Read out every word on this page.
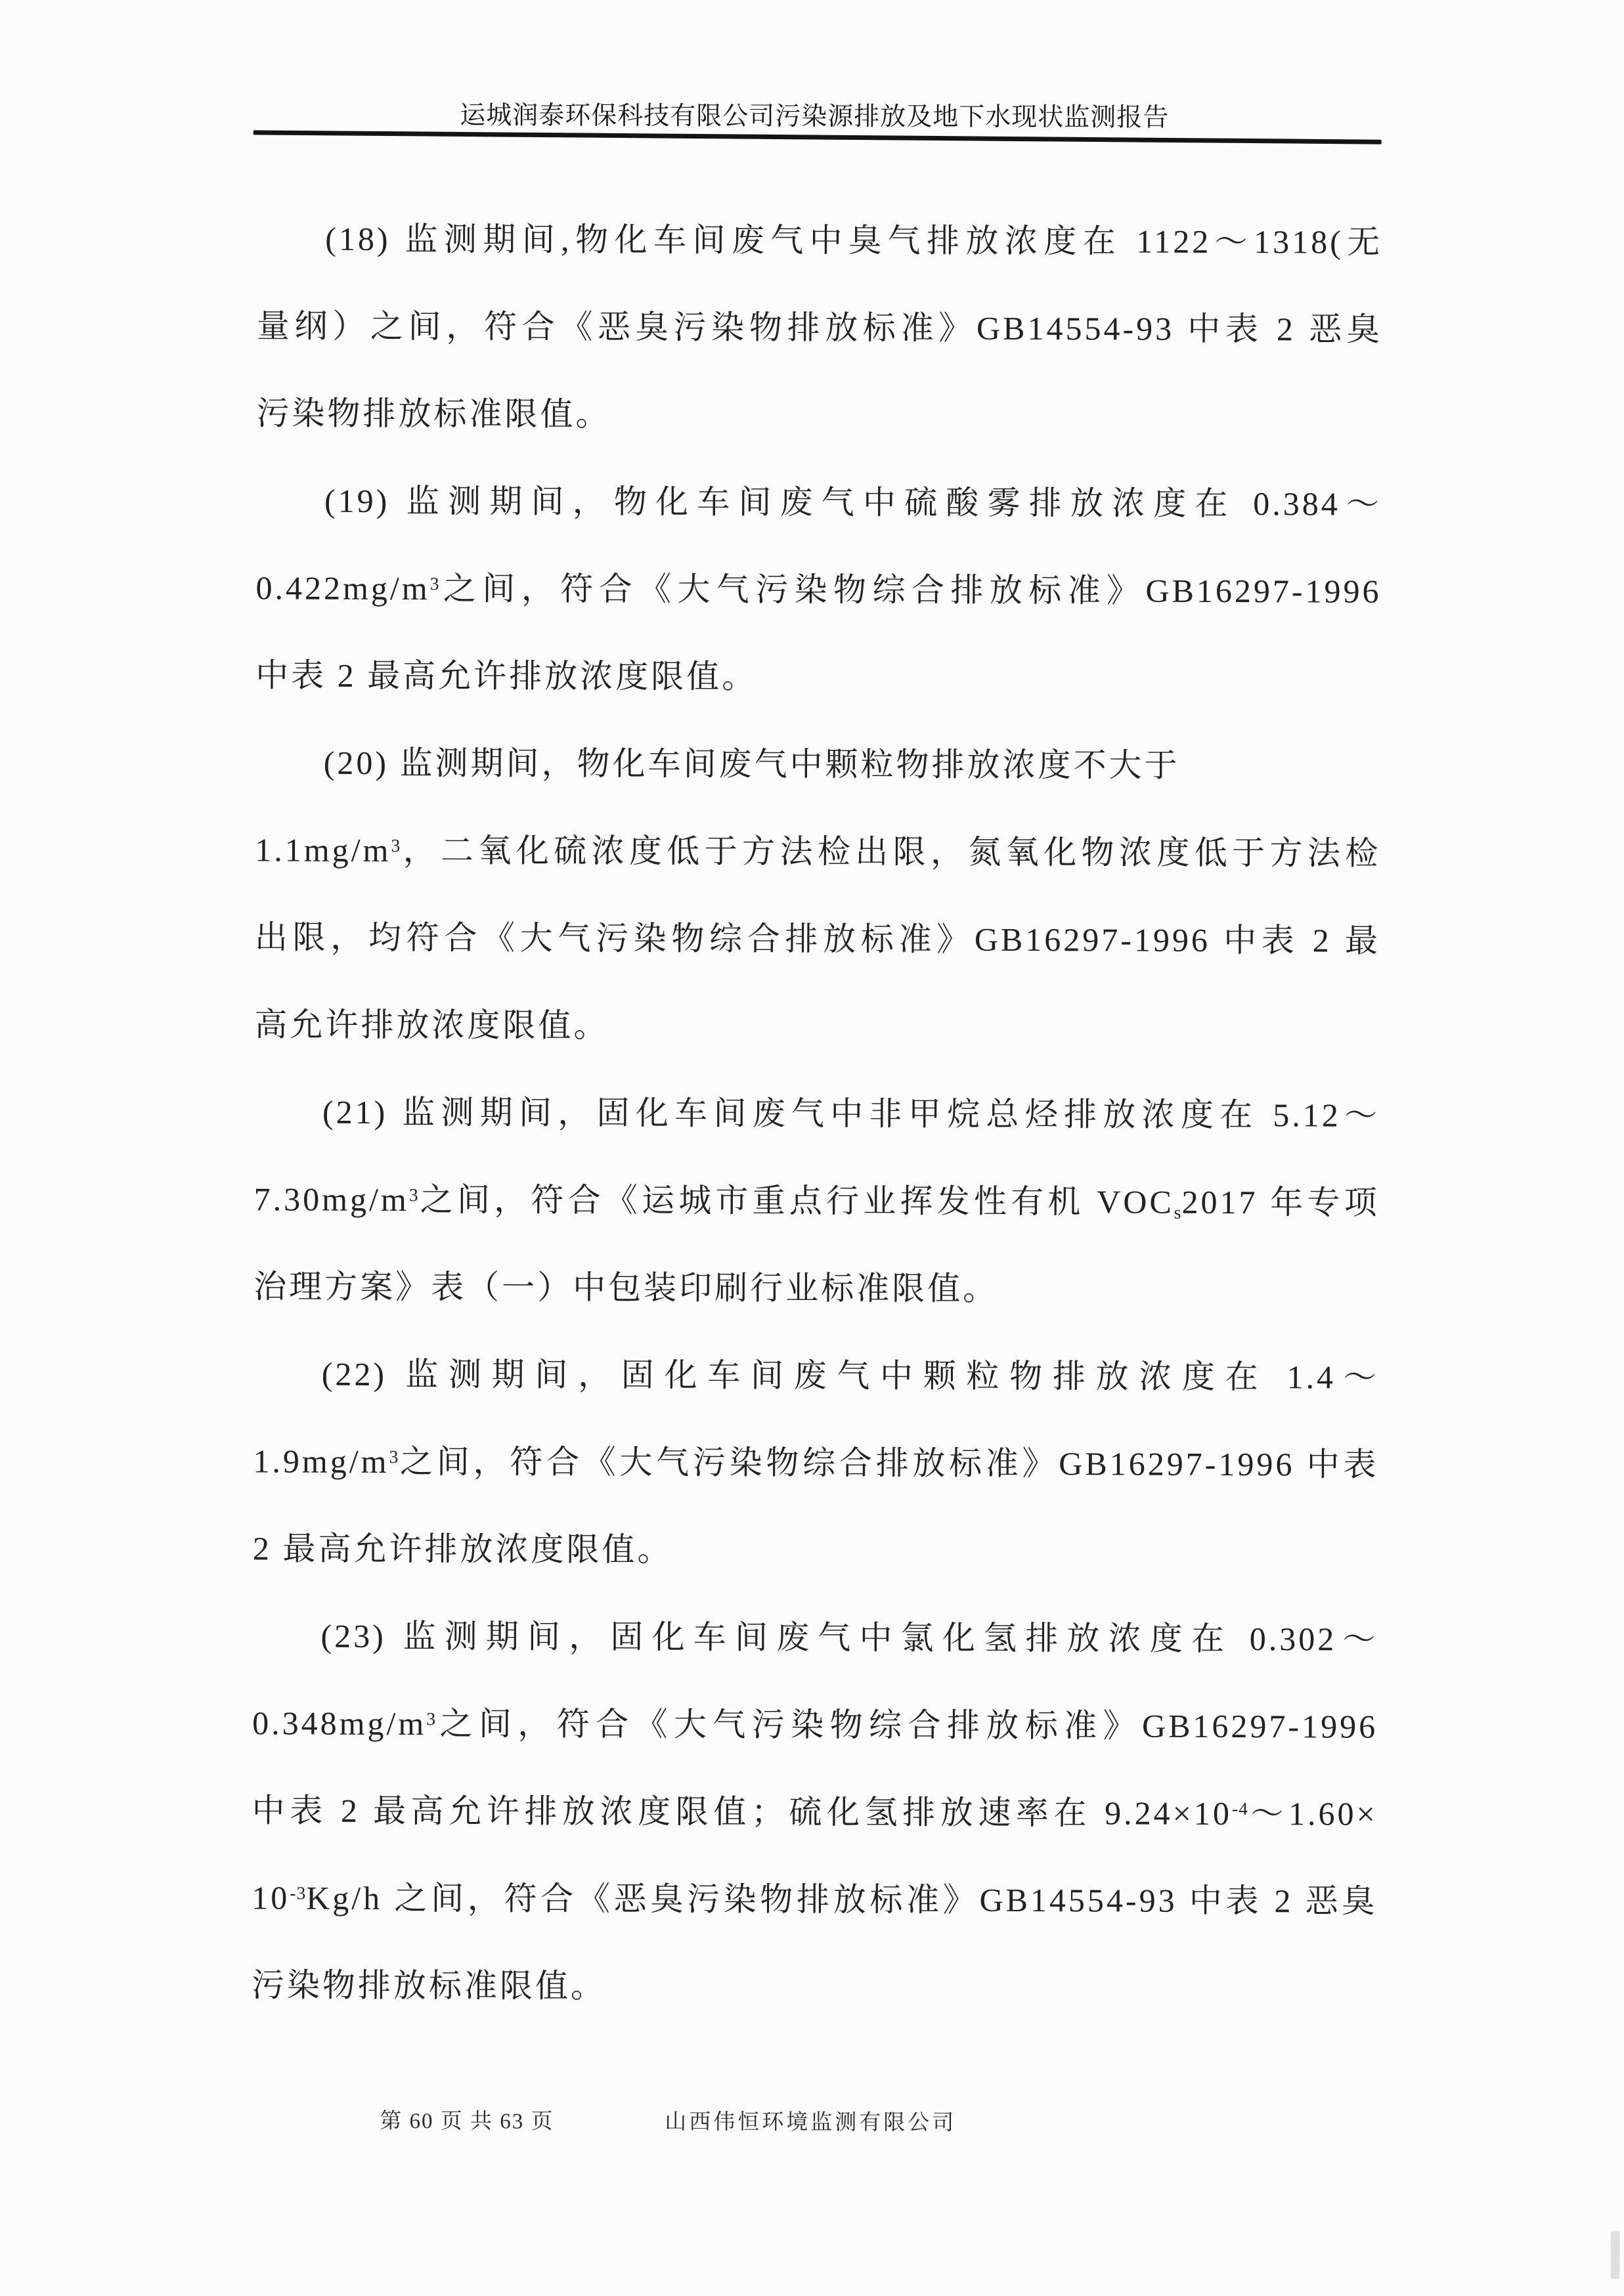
运城润泰环保科技有限公司污染源排放及地下水现状监测报告
(18) 监测期间,物化车间废气中臭气排放浓度在 1122～1318(无
量纲）之间，符合《恶臭污染物排放标准》GB14554-93 中表 2 恶臭
污染物排放标准限值。
(19) 监测期间，物化车间废气中硫酸雾排放浓度在 0.384～
$0.422mg/m^3$之间，符合《大气污染物综合排放标准》GB16297-1996
中表 2 最高允许排放浓度限值。
(20) 监测期间，物化车间废气中颗粒物排放浓度不大于
$1.1mg/m^3$，二氧化硫浓度低于方法检出限，氮氧化物浓度低于方法检
出限，均符合《大气污染物综合排放标准》GB16297-1996 中表 2 最
高允许排放浓度限值。
(21) 监测期间，固化车间废气中非甲烷总烃排放浓度在 5.12～
$7.30mg/m^3$之间，符合《运城市重点行业挥发性有机 VOCs2017 年专项
治理方案》表（一）中包装印刷行业标准限值。
(22) 监测期间，固化车间废气中颗粒物排放浓度在 1.4～
$1.9mg/m^3$之间，符合《大气污染物综合排放标准》GB16297-1996 中表
2 最高允许排放浓度限值。
(23) 监测期间，固化车间废气中氯化氢排放浓度在 0.302～
$0.348mg/m^3$之间，符合《大气污染物综合排放标准》GB16297-1996
中表 2 最高允许排放浓度限值；硫化氢排放速率在 $9.24\times 10^{-4}\sim 1.60\times$
$10^{-3}Kg/h$ 之间，符合《恶臭污染物排放标准》GB14554-93 中表 2 恶臭
污染物排放标准限值。
第 60 页 共 63 页	山西伟恒环境监测有限公司
